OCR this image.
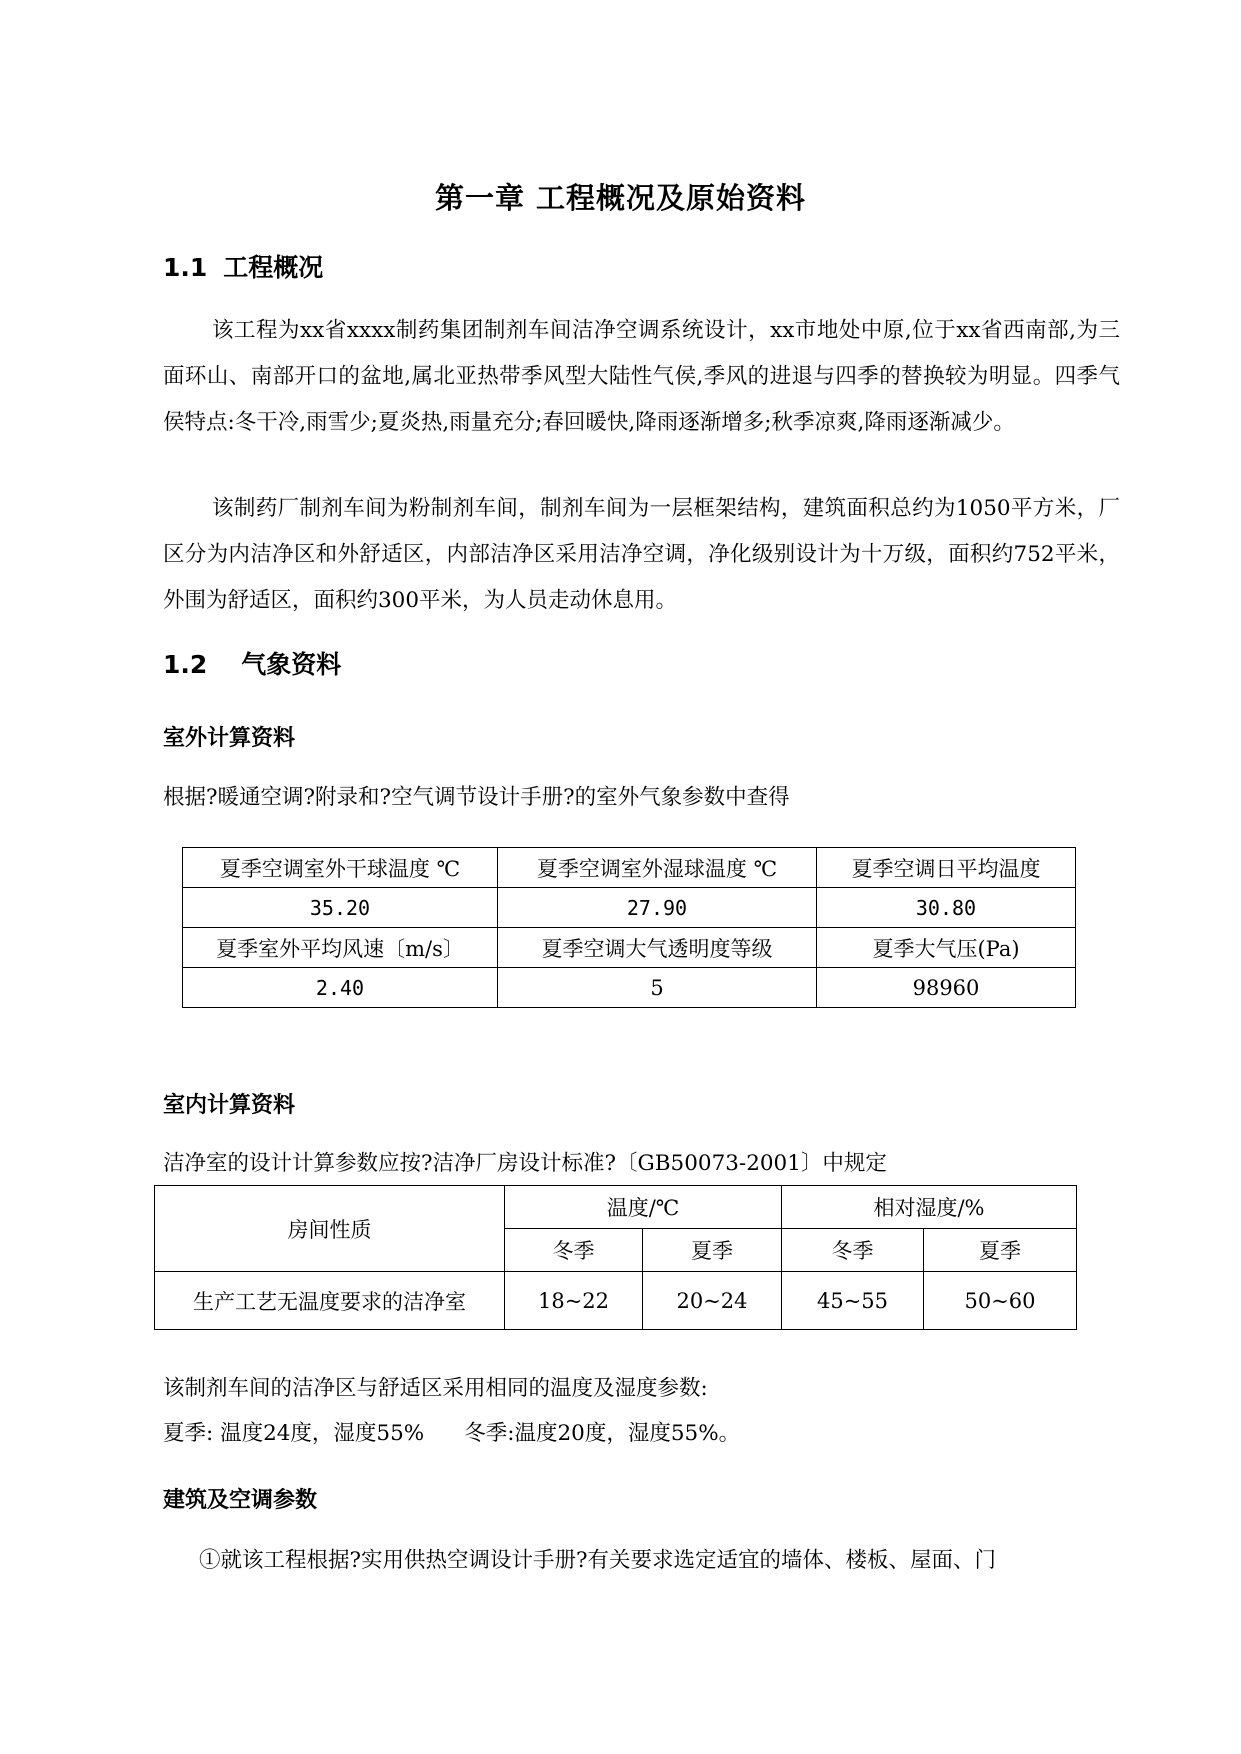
第一章 工程概况及原始资料
1.1 工程概况

该工程为xx省xxxx制药集团制剂车间洁净空调系统设计，xx市地处中原,位于xx省西南部,为三面环山、南部开口的盆地,属北亚热带季风型大陆性气侯,季风的进退与四季的替换较为明显。四季气侯特点:冬干冷,雨雪少;夏炎热,雨量充分;春回暖快,降雨逐渐增多;秋季凉爽,降雨逐渐减少。

该制药厂制剂车间为粉制剂车间，制剂车间为一层框架结构，建筑面积总约为1050平方米，厂区分为内洁净区和外舒适区，内部洁净区采用洁净空调，净化级别设计为十万级，面积约752平米，外围为舒适区，面积约300平米，为人员走动休息用。

1.2 气象资料
室外计算资料
根据?暖通空调?附录和?空气调节设计手册?的室外气象参数中查得
夏季空调室外干球温度 ℃	夏季空调室外湿球温度 ℃	夏季空调日平均温度
35.20	27.90	30.80
夏季室外平均风速〔m/s〕	夏季空调大气透明度等级	夏季大气压(Pa)
2.40	5	98960
室内计算资料
洁净室的设计计算参数应按?洁净厂房设计标准?〔GB50073-2001〕中规定
房间性质	温度/℃		相对湿度/%	
	冬季	夏季	冬季	夏季
生产工艺无温度要求的洁净室	18~22	20~24	45~55	50~60
该制剂车间的洁净区与舒适区采用相同的温度及湿度参数:
夏季: 温度24度，湿度55% 冬季:温度20度，湿度55%。
建筑及空调参数
①就该工程根据?实用供热空调设计手册?有关要求选定适宜的墙体、楼板、屋面、门
